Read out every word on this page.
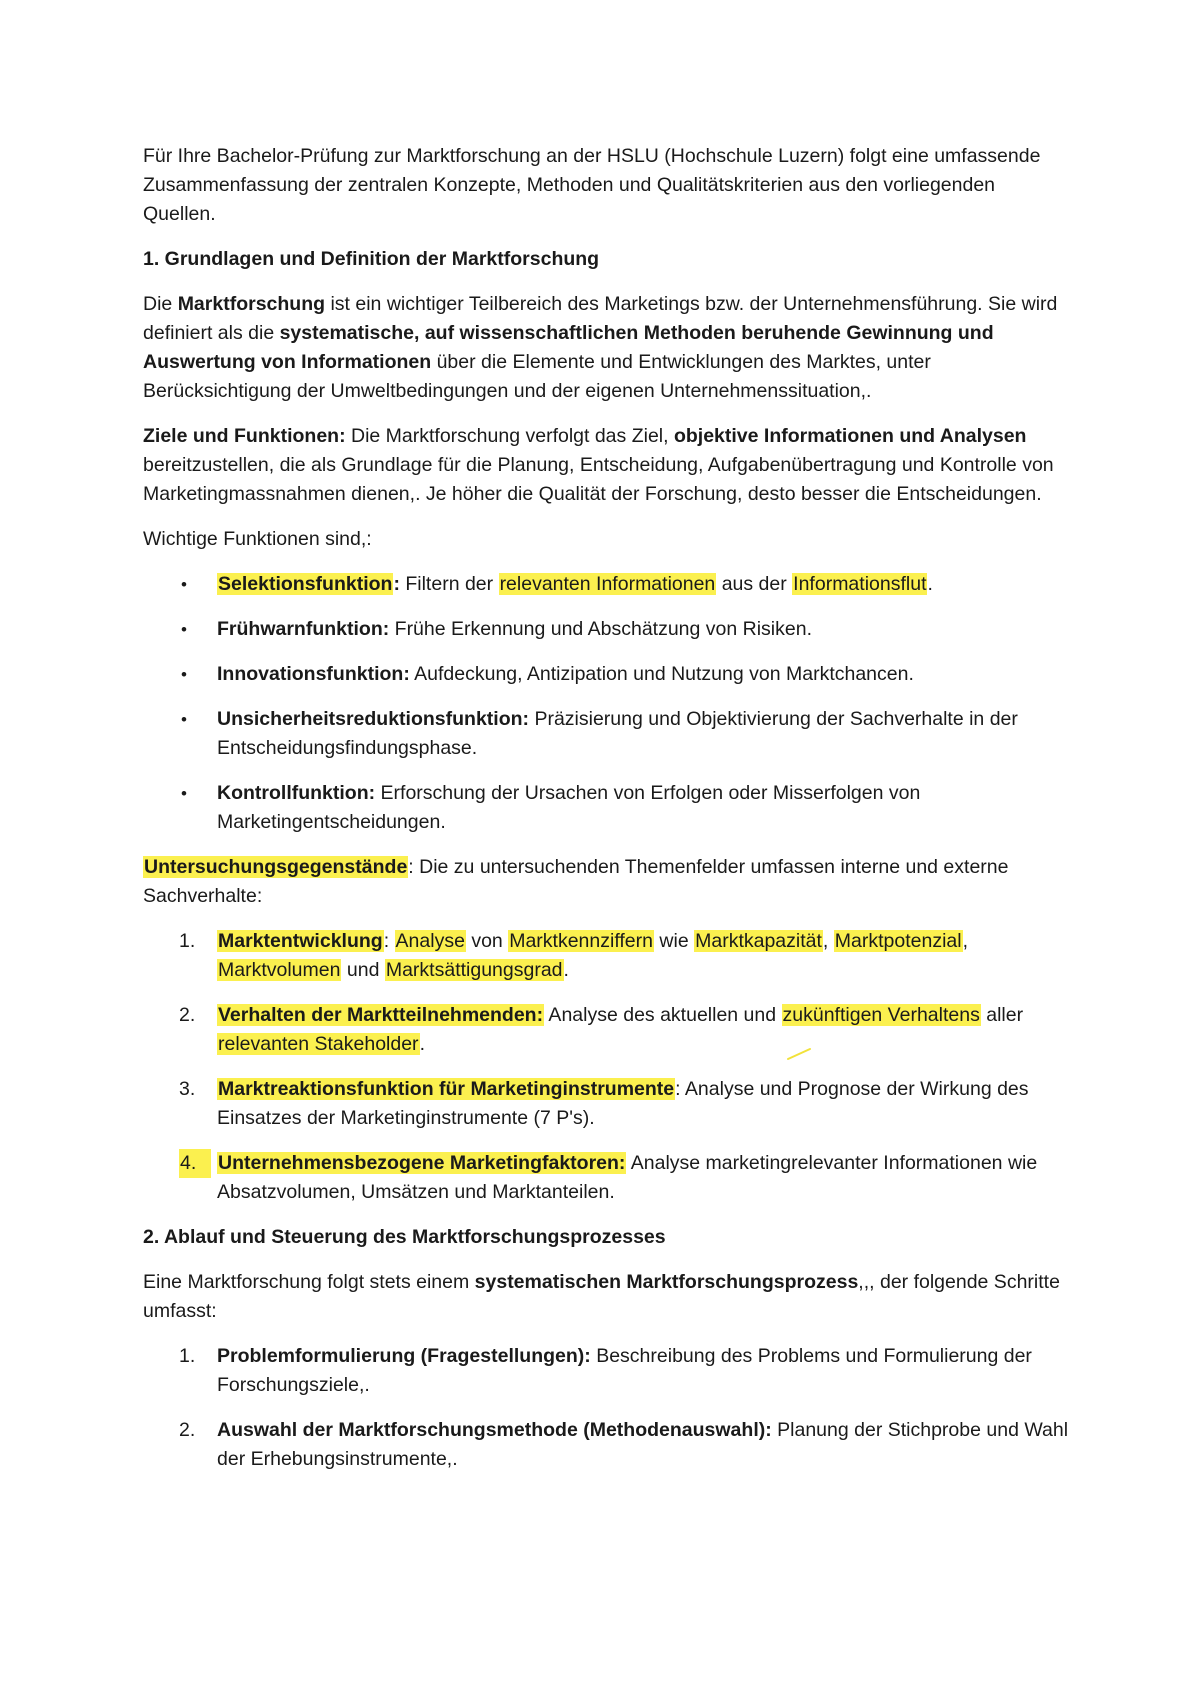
Für Ihre Bachelor-Prüfung zur Marktforschung an der HSLU (Hochschule Luzern) folgt eine umfassende Zusammenfassung der zentralen Konzepte, Methoden und Qualitätskriterien aus den vorliegenden Quellen.

1. Grundlagen und Definition der Marktforschung

Die Marktforschung ist ein wichtiger Teilbereich des Marketings bzw. der Unternehmensführung. Sie wird definiert als die systematische, auf wissenschaftlichen Methoden beruhende Gewinnung und Auswertung von Informationen über die Elemente und Entwicklungen des Marktes, unter Berücksichtigung der Umweltbedingungen und der eigenen Unternehmenssituation,.

Ziele und Funktionen: Die Marktforschung verfolgt das Ziel, objektive Informationen und Analysen bereitzustellen, die als Grundlage für die Planung, Entscheidung, Aufgabenübertragung und Kontrolle von Marketingmassnahmen dienen,. Je höher die Qualität der Forschung, desto besser die Entscheidungen.

Wichtige Funktionen sind,:

•	Selektionsfunktion: Filtern der relevanten Informationen aus der Informationsflut.
•	Frühwarnfunktion: Frühe Erkennung und Abschätzung von Risiken.
•	Innovationsfunktion: Aufdeckung, Antizipation und Nutzung von Marktchancen.
•	Unsicherheitsreduktionsfunktion: Präzisierung und Objektivierung der Sachverhalte in der Entscheidungsfindungsphase.
•	Kontrollfunktion: Erforschung der Ursachen von Erfolgen oder Misserfolgen von Marketingentscheidungen.

Untersuchungsgegenstände: Die zu untersuchenden Themenfelder umfassen interne und externe Sachverhalte:

1.	Marktentwicklung: Analyse von Marktkennziffern wie Marktkapazität, Marktpotenzial, Marktvolumen und Marktsättigungsgrad.
2.	Verhalten der Marktteilnehmenden: Analyse des aktuellen und zukünftigen Verhaltens aller relevanten Stakeholder.
3.	Marktreaktionsfunktion für Marketinginstrumente: Analyse und Prognose der Wirkung des Einsatzes der Marketinginstrumente (7 P's).
4.	Unternehmensbezogene Marketingfaktoren: Analyse marketingrelevanter Informationen wie Absatzvolumen, Umsätzen und Marktanteilen.

2. Ablauf und Steuerung des Marktforschungsprozesses

Eine Marktforschung folgt stets einem systematischen Marktforschungsprozess,,, der folgende Schritte umfasst:

1.	Problemformulierung (Fragestellungen): Beschreibung des Problems und Formulierung der Forschungsziele,.
2.	Auswahl der Marktforschungsmethode (Methodenauswahl): Planung der Stichprobe und Wahl der Erhebungsinstrumente,.
